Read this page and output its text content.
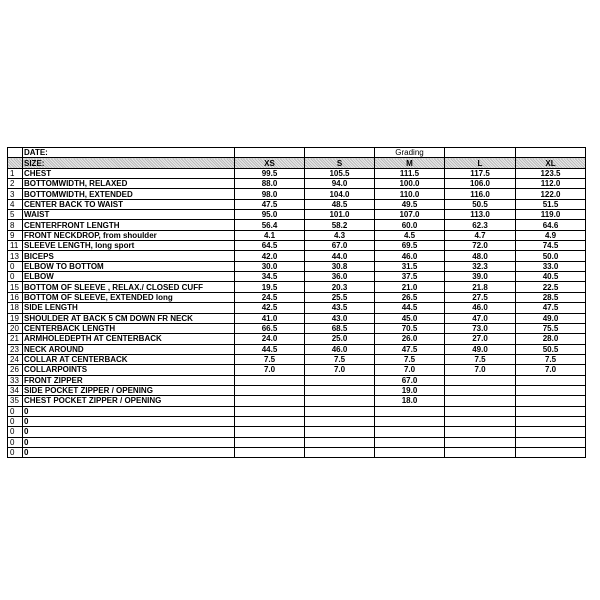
	DATE:			Grading		
	SIZE:	XS	S	M	L	XL
1	CHEST	99.5	105.5	111.5	117.5	123.5
2	BOTTOMWIDTH, RELAXED	88.0	94.0	100.0	106.0	112.0
3	BOTTOMWIDTH, EXTENDED	98.0	104.0	110.0	116.0	122.0
4	CENTER BACK TO WAIST	47.5	48.5	49.5	50.5	51.5
5	WAIST	95.0	101.0	107.0	113.0	119.0
8	CENTERFRONT LENGTH	56.4	58.2	60.0	62.3	64.6
9	FRONT NECKDROP, from shoulder	4.1	4.3	4.5	4.7	4.9
11	SLEEVE LENGTH, long sport	64.5	67.0	69.5	72.0	74.5
13	BICEPS	42.0	44.0	46.0	48.0	50.0
0	ELBOW TO BOTTOM	30.0	30.8	31.5	32.3	33.0
0	ELBOW	34.5	36.0	37.5	39.0	40.5
15	BOTTOM OF SLEEVE , RELAX./ CLOSED CUFF	19.5	20.3	21.0	21.8	22.5
16	BOTTOM OF SLEEVE, EXTENDED long	24.5	25.5	26.5	27.5	28.5
18	SIDE LENGTH	42.5	43.5	44.5	46.0	47.5
19	SHOULDER AT BACK 5 CM DOWN FR NECK	41.0	43.0	45.0	47.0	49.0
20	CENTERBACK LENGTH	66.5	68.5	70.5	73.0	75.5
21	ARMHOLEDEPTH AT CENTERBACK	24.0	25.0	26.0	27.0	28.0
23	NECK AROUND	44.5	46.0	47.5	49.0	50.5
24	COLLAR AT CENTERBACK	7.5	7.5	7.5	7.5	7.5
26	COLLARPOINTS	7.0	7.0	7.0	7.0	7.0
33	FRONT ZIPPER			67.0		
34	SIDE POCKET ZIPPER / OPENING			19.0		
35	CHEST POCKET ZIPPER / OPENING			18.0		
0	0					
0	0					
0	0					
0	0					
0	0					
